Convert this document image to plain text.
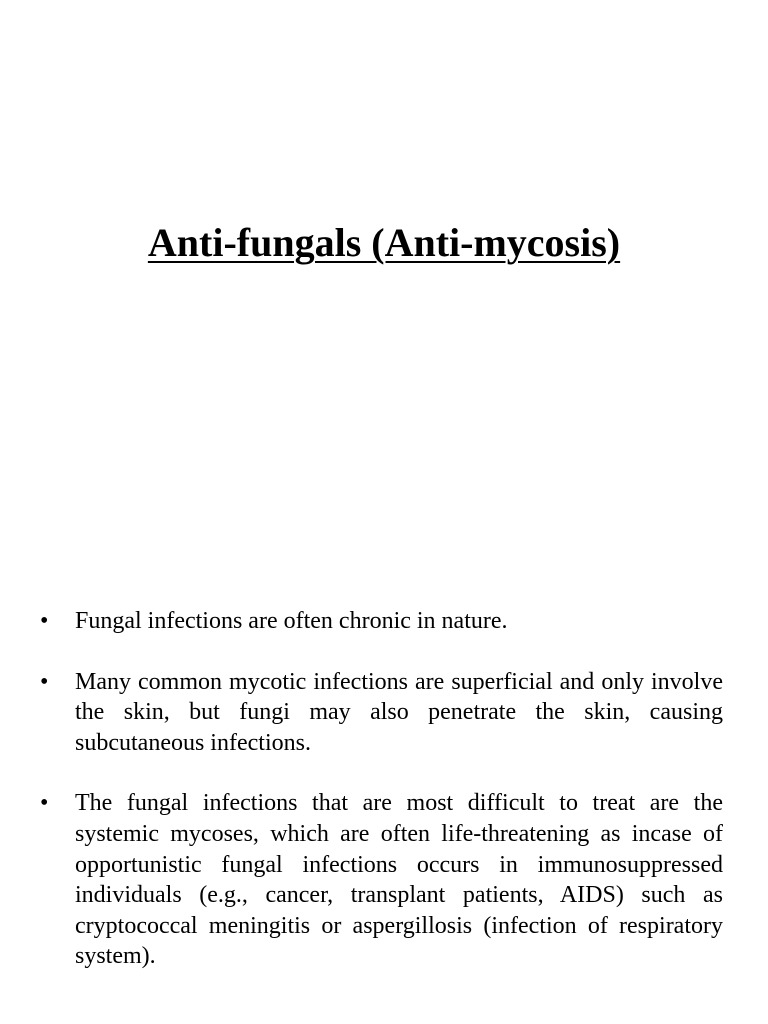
Anti-fungals (Anti-mycosis)
•	Fungal infections are often chronic in nature.
•	Many common mycotic infections are superficial and only involve the skin, but fungi may also penetrate the skin, causing subcutaneous infections.
•	The fungal infections that are most difficult to treat are the systemic mycoses, which are often life-threatening as incase of opportunistic fungal infections occurs in immunosuppressed individuals (e.g., cancer, transplant patients, AIDS) such as cryptococcal meningitis or aspergillosis (infection of respiratory system).
